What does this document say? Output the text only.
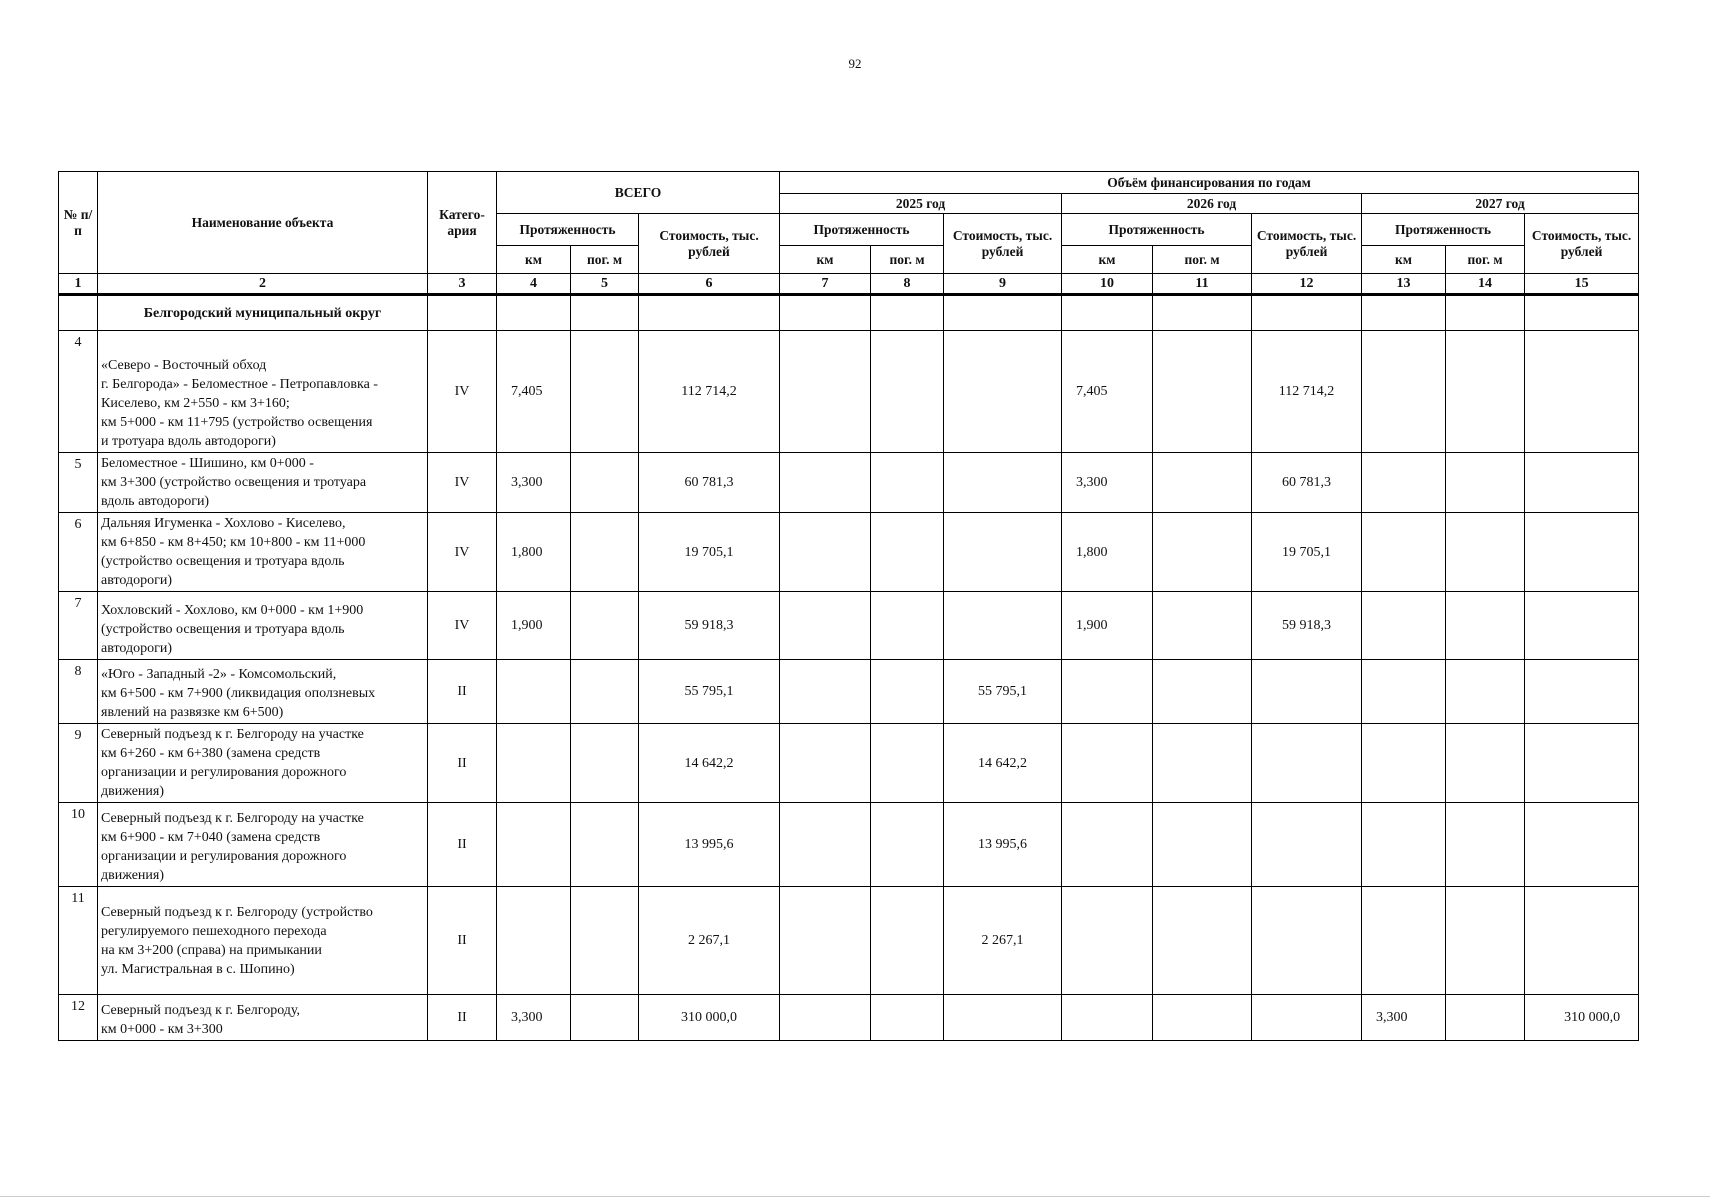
92
№ п/п	Наименование объекта	Катего-ария	ВСЕГО			Объём финансирования по годам								
						2025 год			2026 год			2027 год		
			Протяженность		Стоимость, тыс. рублей	Протяженность		Стоимость, тыс. рублей	Протяженность		Стоимость, тыс. рублей	Протяженность		Стоимость, тыс. рублей
			км	пог. м		км	пог. м		км	пог. м		км	пог. м	
1	2	3	4	5	6	7	8	9	10	11	12	13	14	15
	Белгородский муниципальный округ													
4	«Северо - Восточный обход
г. Белгорода» - Беломестное - Петропавловка -
Киселево, км 2+550 - км 3+160;
км 5+000 - км 11+795 (устройство освещения
и тротуара вдоль автодороги)	IV	7,405		112 714,2				7,405		112 714,2			
5	Беломестное - Шишино, км 0+000 -
км 3+300 (устройство освещения и тротуара
вдоль автодороги)	IV	3,300		60 781,3				3,300		60 781,3			
6	Дальняя Игуменка - Хохлово - Киселево,
км 6+850 - км 8+450; км 10+800 - км 11+000
(устройство освещения и тротуара вдоль
автодороги)	IV	1,800		19 705,1				1,800		19 705,1			
7	Хохловский - Хохлово, км 0+000 - км 1+900
(устройство освещения и тротуара вдоль
автодороги)	IV	1,900		59 918,3				1,900		59 918,3			
8	«Юго - Западный -2» - Комсомольский,
км 6+500 - км 7+900 (ликвидация оползневых
явлений на развязке км 6+500)	II			55 795,1			55 795,1						
9	Северный подъезд к г. Белгороду на участке
км 6+260 - км 6+380 (замена средств
организации и регулирования дорожного
движения)	II			14 642,2			14 642,2						
10	Северный подъезд к г. Белгороду на участке
км 6+900 - км 7+040 (замена средств
организации и регулирования дорожного
движения)	II			13 995,6			13 995,6						
11	Северный подъезд к г. Белгороду (устройство
регулируемого пешеходного перехода
на км 3+200 (справа) на примыкании
ул. Магистральная в с. Шопино)	II			2 267,1			2 267,1						
12	Северный подъезд к г. Белгороду,
км 0+000 - км 3+300	II	3,300		310 000,0							3,300		310 000,0
